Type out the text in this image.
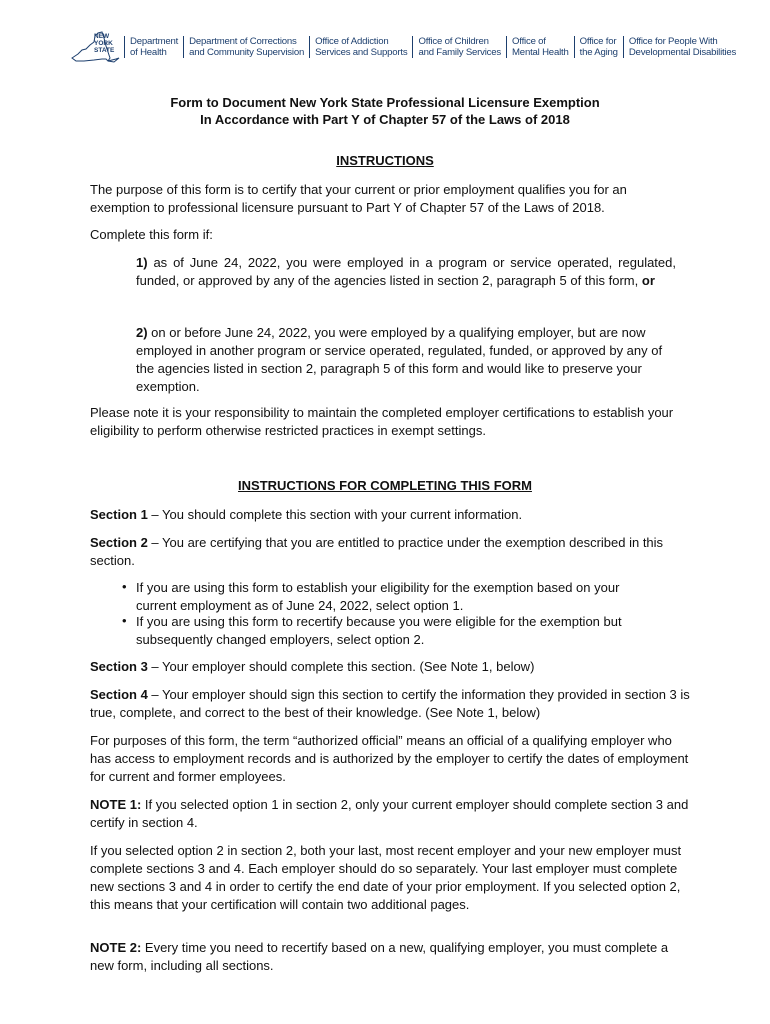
NEW
YORK
STATE
Department
of Health
Department of Corrections
and Community Supervision
Office of Addiction
Services and Supports
Office of Children
and Family Services
Office of
Mental Health
Office for
the Aging
Office for People With
Developmental Disabilities
Form to Document New York State Professional Licensure Exemption
In Accordance with Part Y of Chapter 57 of the Laws of 2018
INSTRUCTIONS
The purpose of this form is to certify that your current or prior employment qualifies you for an exemption to professional licensure pursuant to Part Y of Chapter 57 of the Laws of 2018.
Complete this form if:
1) as of June 24, 2022, you were employed in a program or service operated, regulated, funded, or approved by any of the agencies listed in section 2, paragraph 5 of this form, or
2) on or before June 24, 2022, you were employed by a qualifying employer, but are now employed in another program or service operated, regulated, funded, or approved by any of the agencies listed in section 2, paragraph 5 of this form and would like to preserve your exemption.
Please note it is your responsibility to maintain the completed employer certifications to establish your eligibility to perform otherwise restricted practices in exempt settings.
INSTRUCTIONS FOR COMPLETING THIS FORM
Section 1 – You should complete this section with your current information.
Section 2 – You are certifying that you are entitled to practice under the exemption described in this section.
• If you are using this form to establish your eligibility for the exemption based on your current employment as of June 24, 2022, select option 1.
• If you are using this form to recertify because you were eligible for the exemption but subsequently changed employers, select option 2.
Section 3 – Your employer should complete this section. (See Note 1, below)
Section 4 – Your employer should sign this section to certify the information they provided in section 3 is true, complete, and correct to the best of their knowledge. (See Note 1, below)
For purposes of this form, the term “authorized official” means an official of a qualifying employer who has access to employment records and is authorized by the employer to certify the dates of employment for current and former employees.
NOTE 1: If you selected option 1 in section 2, only your current employer should complete section 3 and certify in section 4.
If you selected option 2 in section 2, both your last, most recent employer and your new employer must complete sections 3 and 4. Each employer should do so separately. Your last employer must complete new sections 3 and 4 in order to certify the end date of your prior employment. If you selected option 2, this means that your certification will contain two additional pages.
NOTE 2: Every time you need to recertify based on a new, qualifying employer, you must complete a new form, including all sections.
